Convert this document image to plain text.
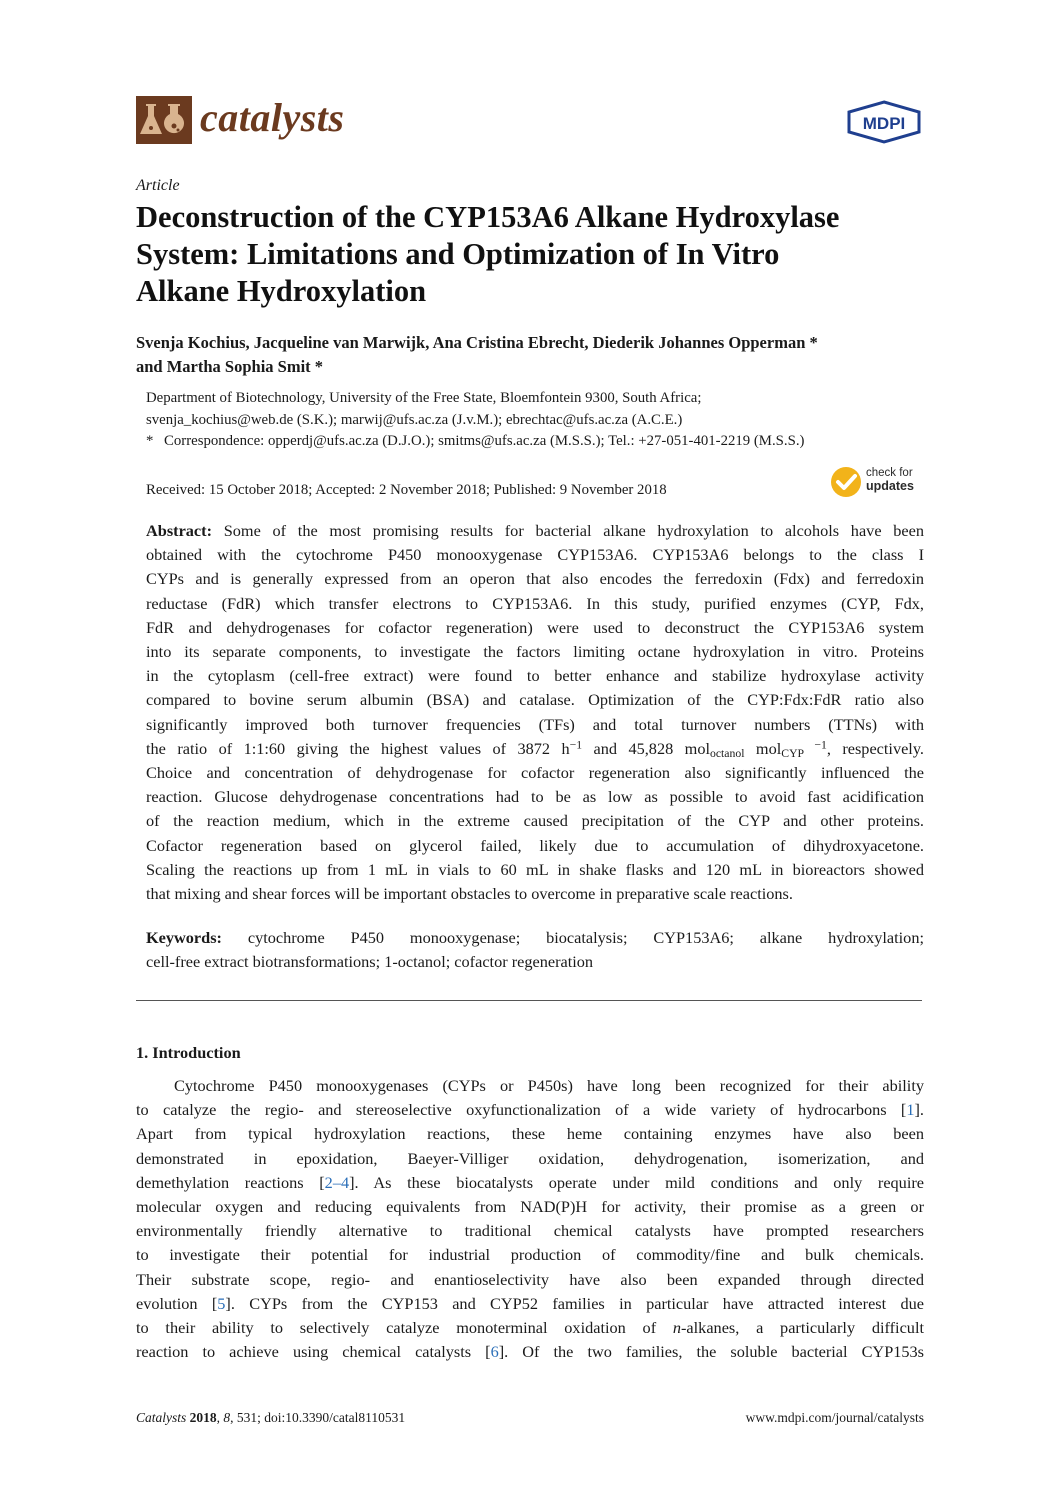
catalysts	MDPI
Article
Deconstruction of the CYP153A6 Alkane Hydroxylase
System: Limitations and Optimization of In Vitro
Alkane Hydroxylation
Svenja Kochius, Jacqueline van Marwijk, Ana Cristina Ebrecht, Diederik Johannes Opperman *
and Martha Sophia Smit *
Department of Biotechnology, University of the Free State, Bloemfontein 9300, South Africa;
svenja_kochius@web.de (S.K.); marwij@ufs.ac.za (J.v.M.); ebrechtac@ufs.ac.za (A.C.E.)
* Correspondence: opperdj@ufs.ac.za (D.J.O.); smitms@ufs.ac.za (M.S.S.); Tel.: +27-051-401-2219 (M.S.S.)
Received: 15 October 2018; Accepted: 2 November 2018; Published: 9 November 2018
check for
updates
Abstract: Some of the most promising results for bacterial alkane hydroxylation to alcohols have been
obtained with the cytochrome P450 monooxygenase CYP153A6. CYP153A6 belongs to the class I
CYPs and is generally expressed from an operon that also encodes the ferredoxin (Fdx) and ferredoxin
reductase (FdR) which transfer electrons to CYP153A6. In this study, purified enzymes (CYP, Fdx,
FdR and dehydrogenases for cofactor regeneration) were used to deconstruct the CYP153A6 system
into its separate components, to investigate the factors limiting octane hydroxylation in vitro. Proteins
in the cytoplasm (cell-free extract) were found to better enhance and stabilize hydroxylase activity
compared to bovine serum albumin (BSA) and catalase. Optimization of the CYP:Fdx:FdR ratio also
significantly improved both turnover frequencies (TFs) and total turnover numbers (TTNs) with
the ratio of 1:1:60 giving the highest values of 3872 $h^{-1}$ and 45,828 mol$_{octanol}$ mol$_{CYP}$ $^{-1}$, respectively.
Choice and concentration of dehydrogenase for cofactor regeneration also significantly influenced the
reaction. Glucose dehydrogenase concentrations had to be as low as possible to avoid fast acidification
of the reaction medium, which in the extreme caused precipitation of the CYP and other proteins.
Cofactor regeneration based on glycerol failed, likely due to accumulation of dihydroxyacetone.
Scaling the reactions up from 1 mL in vials to 60 mL in shake flasks and 120 mL in bioreactors showed
that mixing and shear forces will be important obstacles to overcome in preparative scale reactions.
Keywords: cytochrome P450 monooxygenase; biocatalysis; CYP153A6; alkane hydroxylation;
cell-free extract biotransformations; 1-octanol; cofactor regeneration
1. Introduction
Cytochrome P450 monooxygenases (CYPs or P450s) have long been recognized for their ability
to catalyze the regio- and stereoselective oxyfunctionalization of a wide variety of hydrocarbons [1].
Apart from typical hydroxylation reactions, these heme containing enzymes have also been
demonstrated in epoxidation, Baeyer-Villiger oxidation, dehydrogenation, isomerization, and
demethylation reactions [2–4]. As these biocatalysts operate under mild conditions and only require
molecular oxygen and reducing equivalents from NAD(P)H for activity, their promise as a green or
environmentally friendly alternative to traditional chemical catalysts have prompted researchers
to investigate their potential for industrial production of commodity/fine and bulk chemicals.
Their substrate scope, regio- and enantioselectivity have also been expanded through directed
evolution [5]. CYPs from the CYP153 and CYP52 families in particular have attracted interest due
to their ability to selectively catalyze monoterminal oxidation of n-alkanes, a particularly difficult
reaction to achieve using chemical catalysts [6]. Of the two families, the soluble bacterial CYP153s
Catalysts 2018, 8, 531; doi:10.3390/catal8110531	www.mdpi.com/journal/catalysts
